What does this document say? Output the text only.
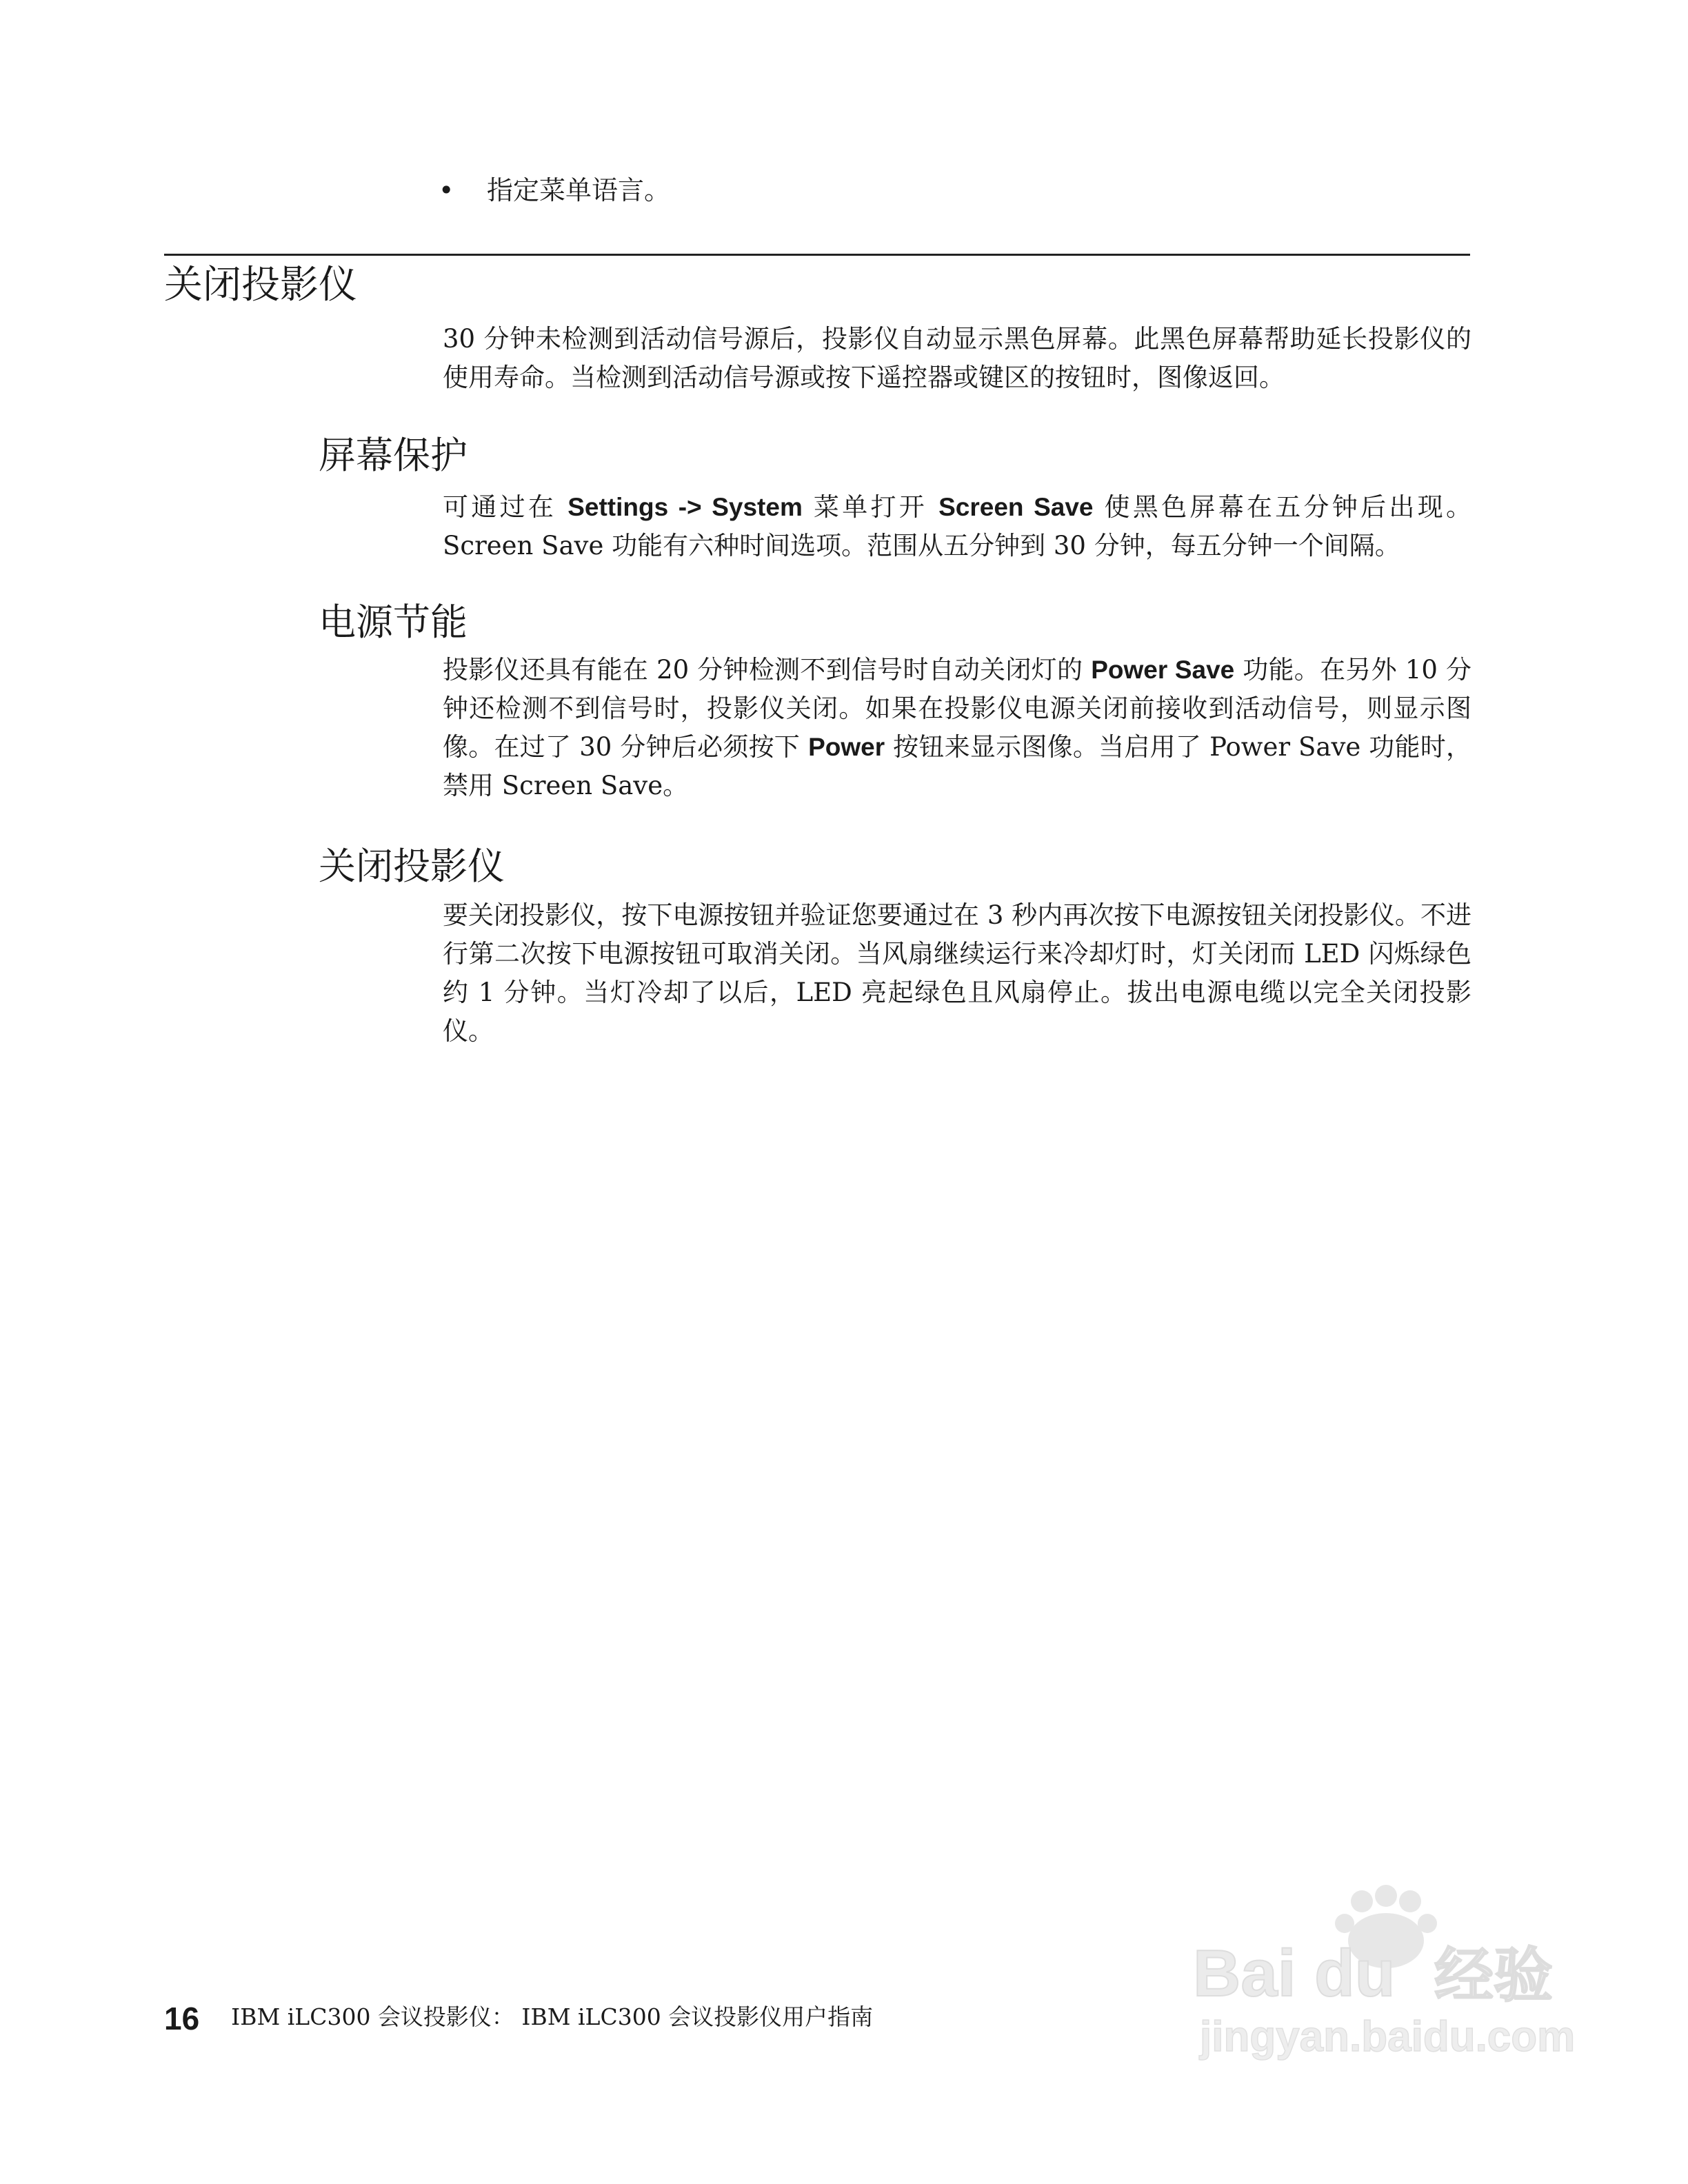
• 指定菜单语言。
关闭投影仪
30 分钟未检测到活动信号源后，投影仪自动显示黑色屏幕。此黑色屏幕帮助延长投影仪的使用寿命。当检测到活动信号源或按下遥控器或键区的按钮时，图像返回。
屏幕保护
可通过在 Settings -> System 菜单打开 Screen Save 使黑色屏幕在五分钟后出现。Screen Save 功能有六种时间选项。范围从五分钟到 30 分钟，每五分钟一个间隔。
电源节能
投影仪还具有能在 20 分钟检测不到信号时自动关闭灯的 Power Save 功能。在另外 10 分钟还检测不到信号时，投影仪关闭。如果在投影仪电源关闭前接收到活动信号，则显示图像。在过了 30 分钟后必须按下 Power 按钮来显示图像。当启用了 Power Save 功能时，禁用 Screen Save。
关闭投影仪
要关闭投影仪，按下电源按钮并验证您要通过在 3 秒内再次按下电源按钮关闭投影仪。不进行第二次按下电源按钮可取消关闭。当风扇继续运行来冷却灯时，灯关闭而 LED 闪烁绿色约 1 分钟。当灯冷却了以后，LED 亮起绿色且风扇停止。拔出电源电缆以完全关闭投影仪。
16 IBM iLC300 会议投影仪： IBM iLC300 会议投影仪用户指南
Bai du 经验
jingyan.baidu.com
